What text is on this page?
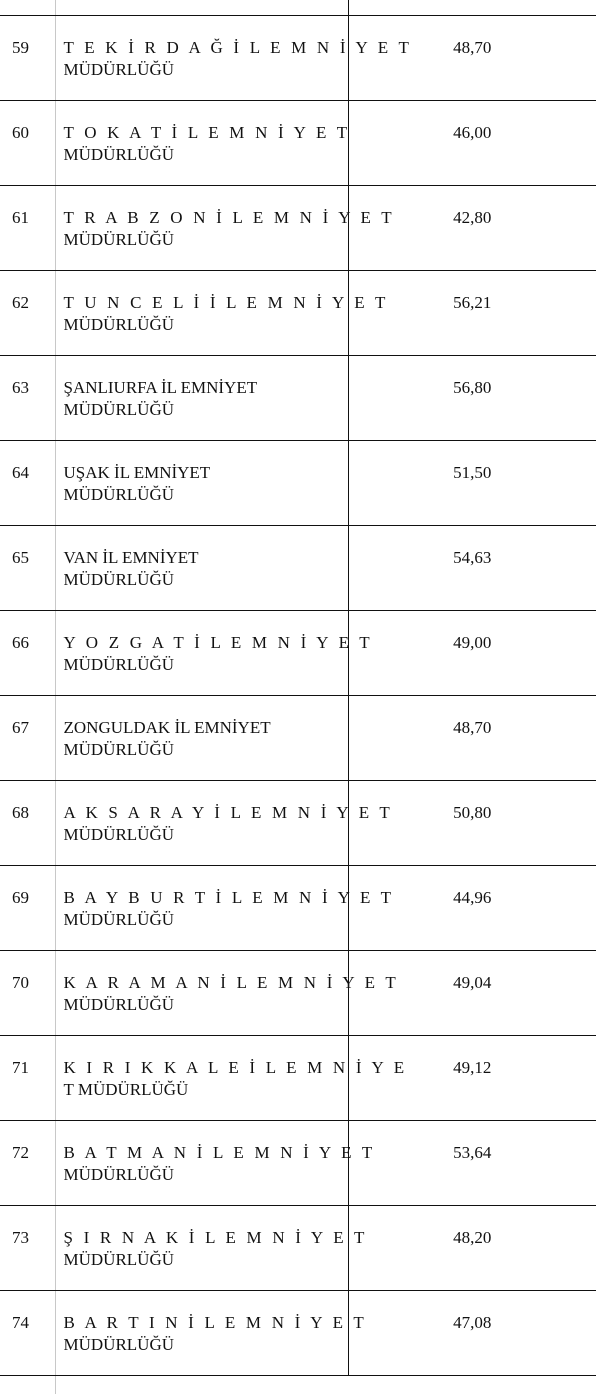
59	T E K İ R D A Ğ İ L E M N İ Y E T
MÜDÜRLÜĞÜ	48,70
60	T O K A T İ L E M N İ Y E T
MÜDÜRLÜĞÜ	46,00
61	T R A B Z O N İ L E M N İ Y E T
MÜDÜRLÜĞÜ	42,80
62	T U N C E L İ İ L E M N İ Y E T
MÜDÜRLÜĞÜ	56,21
63	ŞANLIURFA İL EMNİYET
MÜDÜRLÜĞÜ	56,80
64	UŞAK İL EMNİYET
MÜDÜRLÜĞÜ	51,50
65	VAN İL EMNİYET
MÜDÜRLÜĞÜ	54,63
66	Y O Z G A T İ L E M N İ Y E T
MÜDÜRLÜĞÜ	49,00
67	ZONGULDAK İL EMNİYET
MÜDÜRLÜĞÜ	48,70
68	A K S A R A Y İ L E M N İ Y E T
MÜDÜRLÜĞÜ	50,80
69	B A Y B U R T İ L E M N İ Y E T
MÜDÜRLÜĞÜ	44,96
70	K A R A M A N İ L E M N İ Y E T
MÜDÜRLÜĞÜ	49,04
71	K I R I K K A L E İ L E M N İ Y E
T MÜDÜRLÜĞÜ	49,12
72	B A T M A N İ L E M N İ Y E T
MÜDÜRLÜĞÜ	53,64
73	Ş I R N A K İ L E M N İ Y E T
MÜDÜRLÜĞÜ	48,20
74	B A R T I N İ L E M N İ Y E T
MÜDÜRLÜĞÜ	47,08
